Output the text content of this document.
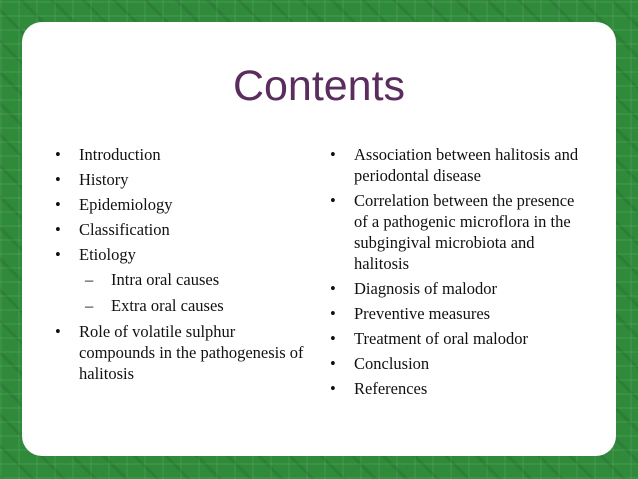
Contents
•	Introduction
•	History
•	Epidemiology
•	Classification
•	Etiology
– Intra oral causes
– Extra oral causes
•	Role of volatile sulphur compounds in the pathogenesis of halitosis
•	Association between halitosis and periodontal disease
•	Correlation between the presence of a pathogenic microflora in the subgingival microbiota and halitosis
•	Diagnosis of malodor
•	Preventive measures
•	Treatment of oral malodor
•	Conclusion
•	References
